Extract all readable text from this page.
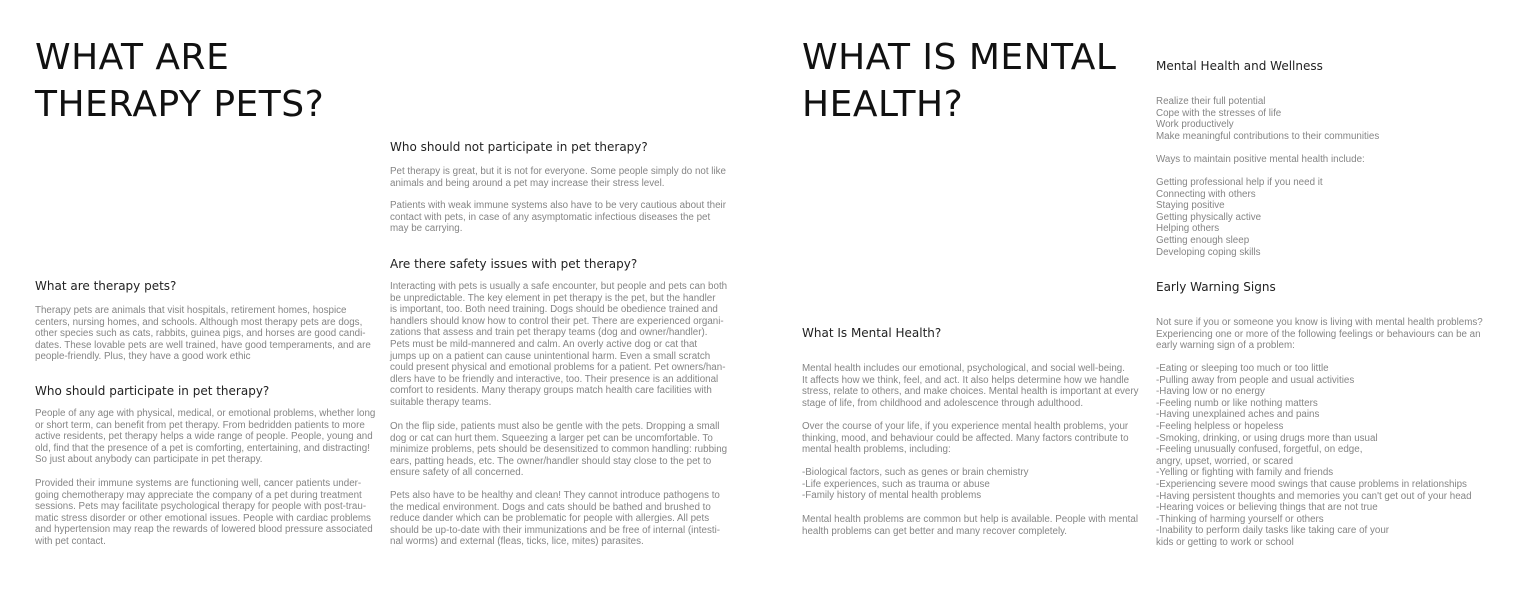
WHAT ARE
THERAPY PETS?
What are therapy pets?
Therapy pets are animals that visit hospitals, retirement homes, hospice
centers, nursing homes, and schools. Although most therapy pets are dogs,
other species such as cats, rabbits, guinea pigs, and horses are good candi-
dates. These lovable pets are well trained, have good temperaments, and are
people-friendly. Plus, they have a good work ethic
Who should participate in pet therapy?
People of any age with physical, medical, or emotional problems, whether long
or short term, can benefit from pet therapy. From bedridden patients to more
active residents, pet therapy helps a wide range of people. People, young and
old, find that the presence of a pet is comforting, entertaining, and distracting!
So just about anybody can participate in pet therapy.
Provided their immune systems are functioning well, cancer patients under-
going chemotherapy may appreciate the company of a pet during treatment
sessions. Pets may facilitate psychological therapy for people with post-trau-
matic stress disorder or other emotional issues. People with cardiac problems
and hypertension may reap the rewards of lowered blood pressure associated
with pet contact.
Who should not participate in pet therapy?
Pet therapy is great, but it is not for everyone. Some people simply do not like
animals and being around a pet may increase their stress level.
Patients with weak immune systems also have to be very cautious about their
contact with pets, in case of any asymptomatic infectious diseases the pet
may be carrying.
Are there safety issues with pet therapy?
Interacting with pets is usually a safe encounter, but people and pets can both
be unpredictable. The key element in pet therapy is the pet, but the handler
is important, too. Both need training. Dogs should be obedience trained and
handlers should know how to control their pet. There are experienced organi-
zations that assess and train pet therapy teams (dog and owner/handler).
Pets must be mild-mannered and calm. An overly active dog or cat that
jumps up on a patient can cause unintentional harm. Even a small scratch
could present physical and emotional problems for a patient. Pet owners/han-
dlers have to be friendly and interactive, too. Their presence is an additional
comfort to residents. Many therapy groups match health care facilities with
suitable therapy teams.
On the flip side, patients must also be gentle with the pets. Dropping a small
dog or cat can hurt them. Squeezing a larger pet can be uncomfortable. To
minimize problems, pets should be desensitized to common handling: rubbing
ears, patting heads, etc. The owner/handler should stay close to the pet to
ensure safety of all concerned.
Pets also have to be healthy and clean! They cannot introduce pathogens to
the medical environment. Dogs and cats should be bathed and brushed to
reduce dander which can be problematic for people with allergies. All pets
should be up-to-date with their immunizations and be free of internal (intesti-
nal worms) and external (fleas, ticks, lice, mites) parasites.
WHAT IS MENTAL
HEALTH?
What Is Mental Health?
Mental health includes our emotional, psychological, and social well-being.
It affects how we think, feel, and act. It also helps determine how we handle
stress, relate to others, and make choices. Mental health is important at every
stage of life, from childhood and adolescence through adulthood.
Over the course of your life, if you experience mental health problems, your
thinking, mood, and behaviour could be affected. Many factors contribute to
mental health problems, including:
-Biological factors, such as genes or brain chemistry
-Life experiences, such as trauma or abuse
-Family history of mental health problems
Mental health problems are common but help is available. People with mental
health problems can get better and many recover completely.
Mental Health and Wellness
Realize their full potential
Cope with the stresses of life
Work productively
Make meaningful contributions to their communities
Ways to maintain positive mental health include:
Getting professional help if you need it
Connecting with others
Staying positive
Getting physically active
Helping others
Getting enough sleep
Developing coping skills
Early Warning Signs
Not sure if you or someone you know is living with mental health problems?
Experiencing one or more of the following feelings or behaviours can be an
early warning sign of a problem:
-Eating or sleeping too much or too little
-Pulling away from people and usual activities
-Having low or no energy
-Feeling numb or like nothing matters
-Having unexplained aches and pains
-Feeling helpless or hopeless
-Smoking, drinking, or using drugs more than usual
-Feeling unusually confused, forgetful, on edge,
angry, upset, worried, or scared
-Yelling or fighting with family and friends
-Experiencing severe mood swings that cause problems in relationships
-Having persistent thoughts and memories you can't get out of your head
-Hearing voices or believing things that are not true
-Thinking of harming yourself or others
-Inability to perform daily tasks like taking care of your
kids or getting to work or school
